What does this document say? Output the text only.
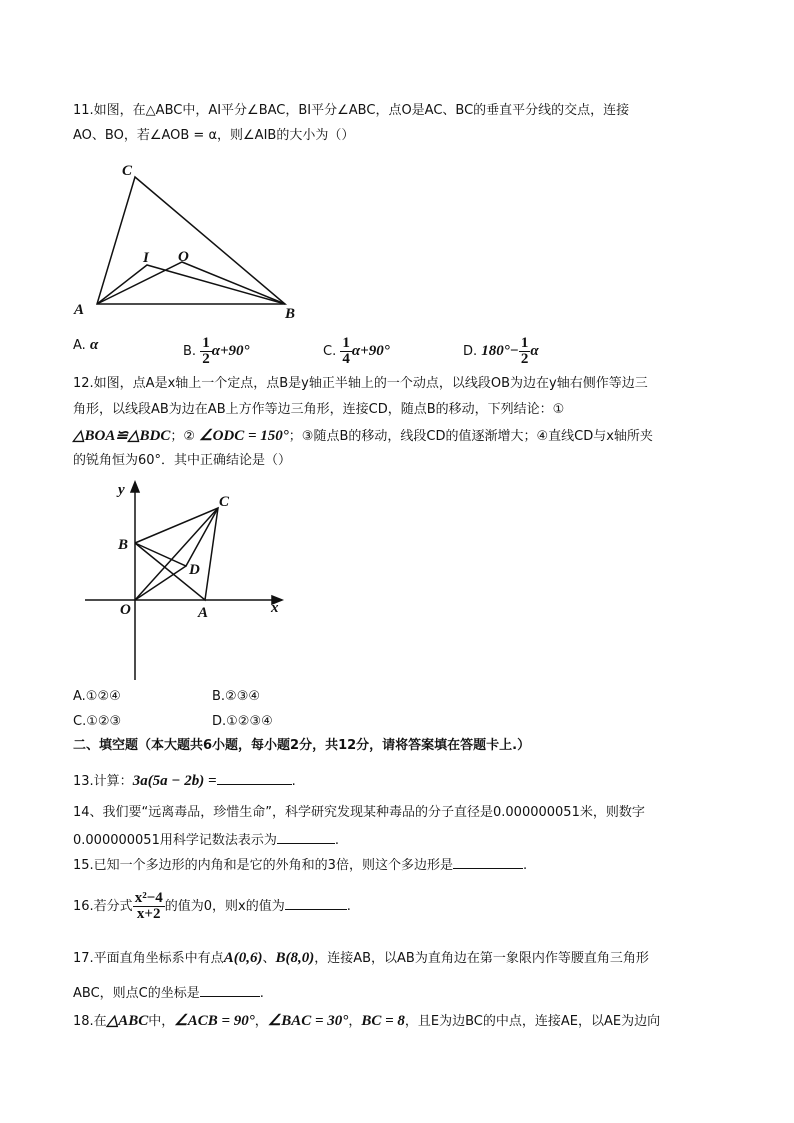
C
I O
A	B
y
C
B
D
O	A	x
11.如图，在△ABC中，AI平分∠BAC，BI平分∠ABC，点O是AC、BC的垂直平分线的交点，连接
AO、BO，若∠AOB = α，则∠AIB的大小为（）
A. α	B. $\frac{1}{2} \alpha+90^\circ$	C. $\frac{1}{4} \alpha+90^\circ$	D. $180^\circ- \frac{1}{2}$ α
12.如图，点A是x轴上一个定点，点B是y轴正半轴上的一个动点，以线段OB为边在y轴右侧作等边三
角形，以线段AB为边在AB上方作等边三角形，连接CD，随点B的移动，下列结论：①
△BOA≌△BDC；② ∠ODC = 150°；③随点B的移动，线段CD的值逐渐增大；④直线CD与x轴所夹
的锐角恒为60°．其中正确结论是（）
A.①②④	B.②③④
C.①②③	D.①②③④
二、填空题（本大题共6小题，每小题2分，共12分，请将答案填在答题卡上.）
13.计算：3a(5a − 2b) =	.
14、我们要“远离毒品，珍惜生命”，科学研究发现某种毒品的分子直径是0.000000051米，则数字
0.000000051用科学记数法表示为	.
15.已知一个多边形的内角和是它的外角和的3倍，则这个多边形是	.
16.若分式 $\frac{\text{x²−4}}{x+2}$ 的值为0，则x的值为	.
17.平面直角坐标系中有点A(0,6)、B(8,0)，连接AB，以AB为直角边在第一象限内作等腰直角三角形
ABC，则点C的坐标是	.
18.在△ABC中，∠ACB = 90°，∠BAC = 30°，BC = 8，且E为边BC的中点，连接AE，以AE为边向
